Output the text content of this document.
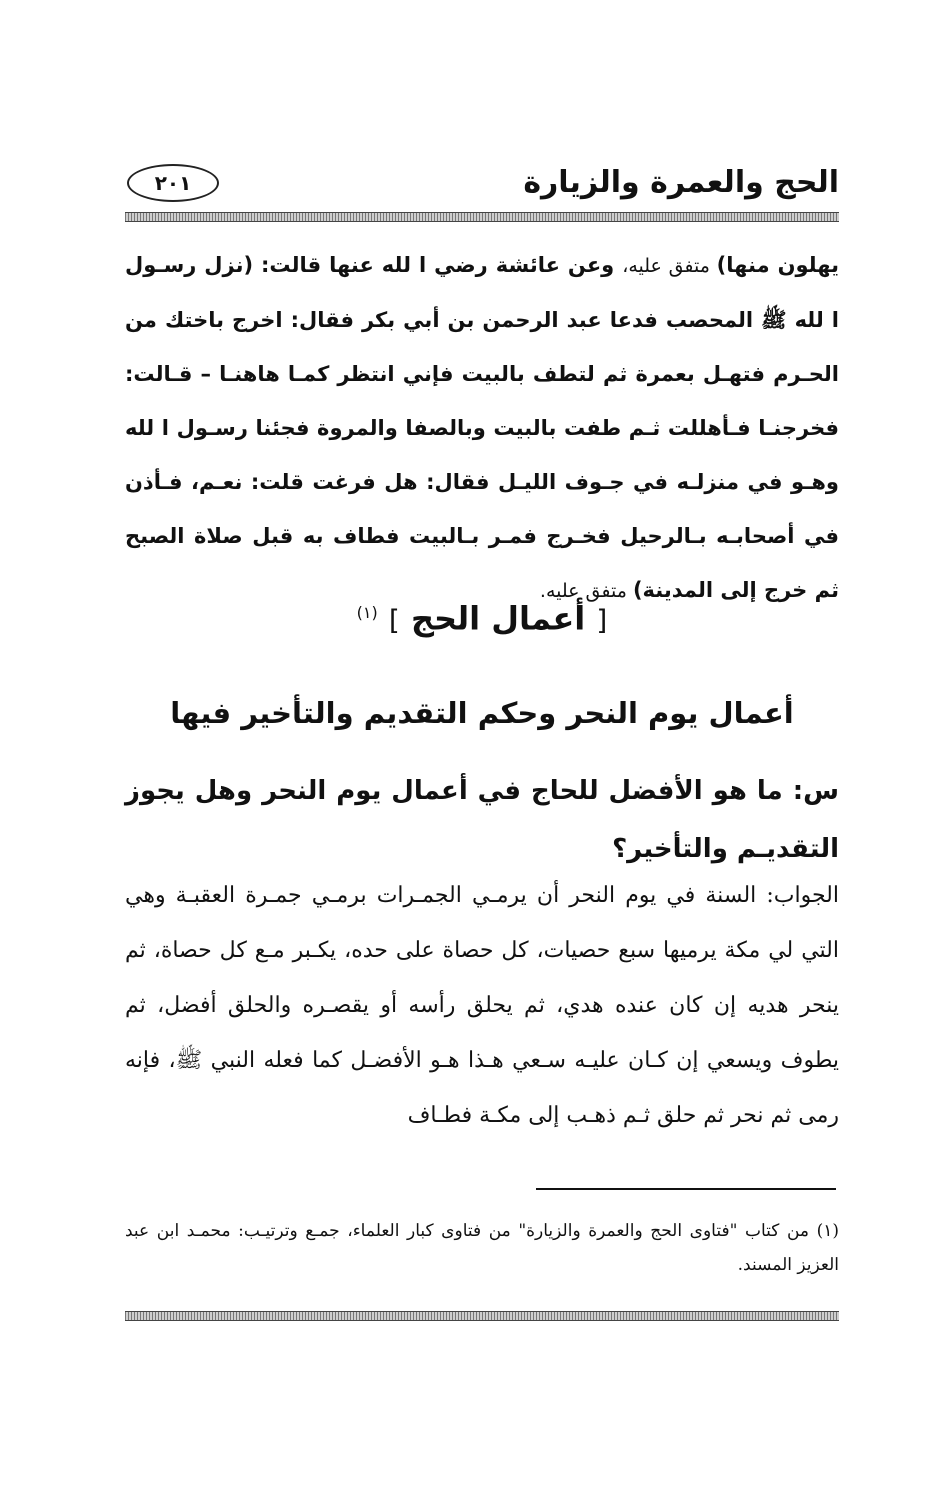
الحج والعمرة والزيارة
٢٠١

يهلون منها) متفق عليه، وعن عائشة رضي ا لله عنها قالت: (نزل رسـول ا لله ﷺ المحصب فدعا عبد الرحمن بن أبي بكر فقال: اخرج باختك من الحـرم فتهـل بعمرة ثم لتطف بالبيت فإني انتظر كمـا هاهنـا – قـالت: فخرجنـا فـأهللت ثـم طفت بالبيت وبالصفا والمروة فجئنا رسـول ا لله وهـو في منزلـه في جـوف الليـل فقال: هل فرغت قلت: نعـم، فـأذن في أصحابـه بـالرحيل فخـرج فمـر بـالبيت فطاف به قبل صلاة الصبح ثم خرج إلى المدينة) متفق عليه.

[ أعمال الحج ] $^{(١)}$
أعمال يوم النحر وحكم التقديم والتأخير فيها

س: ما هو الأفضل للحاج في أعمال يوم النحر وهل يجوز التقديـم والتأخير؟

الجواب: السنة في يوم النحر أن يرمـي الجمـرات برمـي جمـرة العقبـة وهي التي لي مكة يرميها سبع حصيات، كل حصاة على حده، يكـبر مـع كل حصاة، ثم ينحر هديه إن كان عنده هدي، ثم يحلق رأسه أو يقصـره والحلق أفضل، ثم يطوف ويسعي إن كـان عليـه سـعي هـذا هـو الأفضـل كما فعله النبي ﷺ، فإنه رمى ثم نحر ثم حلق ثـم ذهـب إلى مكـة فطـاف

(١) من كتاب "فتاوى الحج والعمرة والزيارة" من فتاوى كبار العلماء، جمـع وترتيـب: محمـد ابن عبد العزيز المسند.
